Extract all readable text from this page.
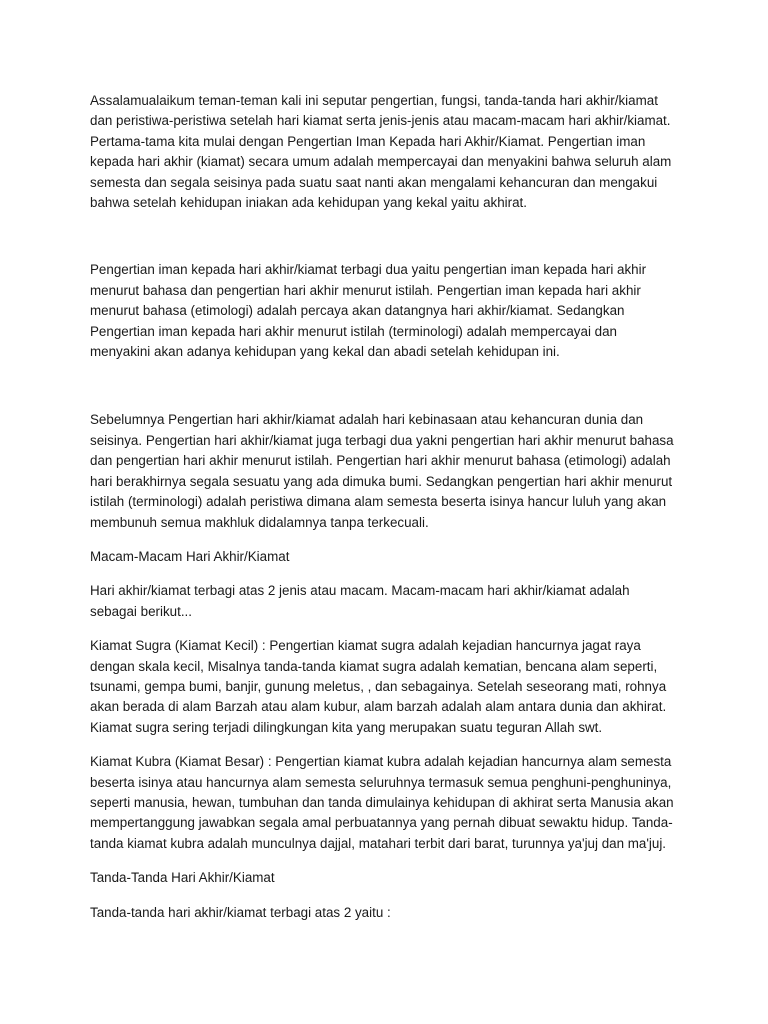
Assalamualaikum teman-teman kali ini seputar pengertian, fungsi, tanda-tanda hari akhir/kiamat dan peristiwa-peristiwa setelah hari kiamat serta jenis-jenis atau macam-macam hari akhir/kiamat. Pertama-tama kita mulai dengan Pengertian Iman Kepada hari Akhir/Kiamat. Pengertian iman kepada hari akhir (kiamat) secara umum adalah mempercayai dan menyakini bahwa seluruh alam semesta dan segala seisinya pada suatu saat nanti akan mengalami kehancuran dan mengakui bahwa setelah kehidupan iniakan ada kehidupan yang kekal yaitu akhirat.

Pengertian iman kepada hari akhir/kiamat terbagi dua yaitu pengertian iman kepada hari akhir menurut bahasa dan pengertian hari akhir menurut istilah. Pengertian iman kepada hari akhir menurut bahasa (etimologi) adalah percaya akan datangnya hari akhir/kiamat. Sedangkan Pengertian iman kepada hari akhir menurut istilah (terminologi) adalah mempercayai dan menyakini akan adanya kehidupan yang kekal dan abadi setelah kehidupan ini.

Sebelumnya Pengertian hari akhir/kiamat adalah hari kebinasaan atau kehancuran dunia dan seisinya. Pengertian hari akhir/kiamat juga terbagi dua yakni pengertian hari akhir menurut bahasa dan pengertian hari akhir menurut istilah. Pengertian hari akhir menurut bahasa (etimologi) adalah hari berakhirnya segala sesuatu yang ada dimuka bumi. Sedangkan pengertian hari akhir menurut istilah (terminologi) adalah peristiwa dimana alam semesta beserta isinya hancur luluh yang akan membunuh semua makhluk didalamnya tanpa terkecuali.

Macam-Macam Hari Akhir/Kiamat

Hari akhir/kiamat terbagi atas 2 jenis atau macam. Macam-macam hari akhir/kiamat adalah sebagai berikut...

Kiamat Sugra (Kiamat Kecil) : Pengertian kiamat sugra adalah kejadian hancurnya jagat raya dengan skala kecil, Misalnya tanda-tanda kiamat sugra adalah kematian, bencana alam seperti, tsunami, gempa bumi, banjir, gunung meletus, , dan sebagainya. Setelah seseorang mati, rohnya akan berada di alam Barzah atau alam kubur, alam barzah adalah alam antara dunia dan akhirat. Kiamat sugra sering terjadi dilingkungan kita yang merupakan suatu teguran Allah swt.

Kiamat Kubra (Kiamat Besar) : Pengertian kiamat kubra adalah kejadian hancurnya alam semesta beserta isinya atau hancurnya alam semesta seluruhnya termasuk semua penghuni-penghuninya, seperti manusia, hewan, tumbuhan dan tanda dimulainya kehidupan di akhirat serta Manusia akan mempertanggung jawabkan segala amal perbuatannya yang pernah dibuat sewaktu hidup. Tanda-tanda kiamat kubra adalah munculnya dajjal, matahari terbit dari barat, turunnya ya'juj dan ma'juj.

Tanda-Tanda Hari Akhir/Kiamat

Tanda-tanda hari akhir/kiamat terbagi atas 2 yaitu :
